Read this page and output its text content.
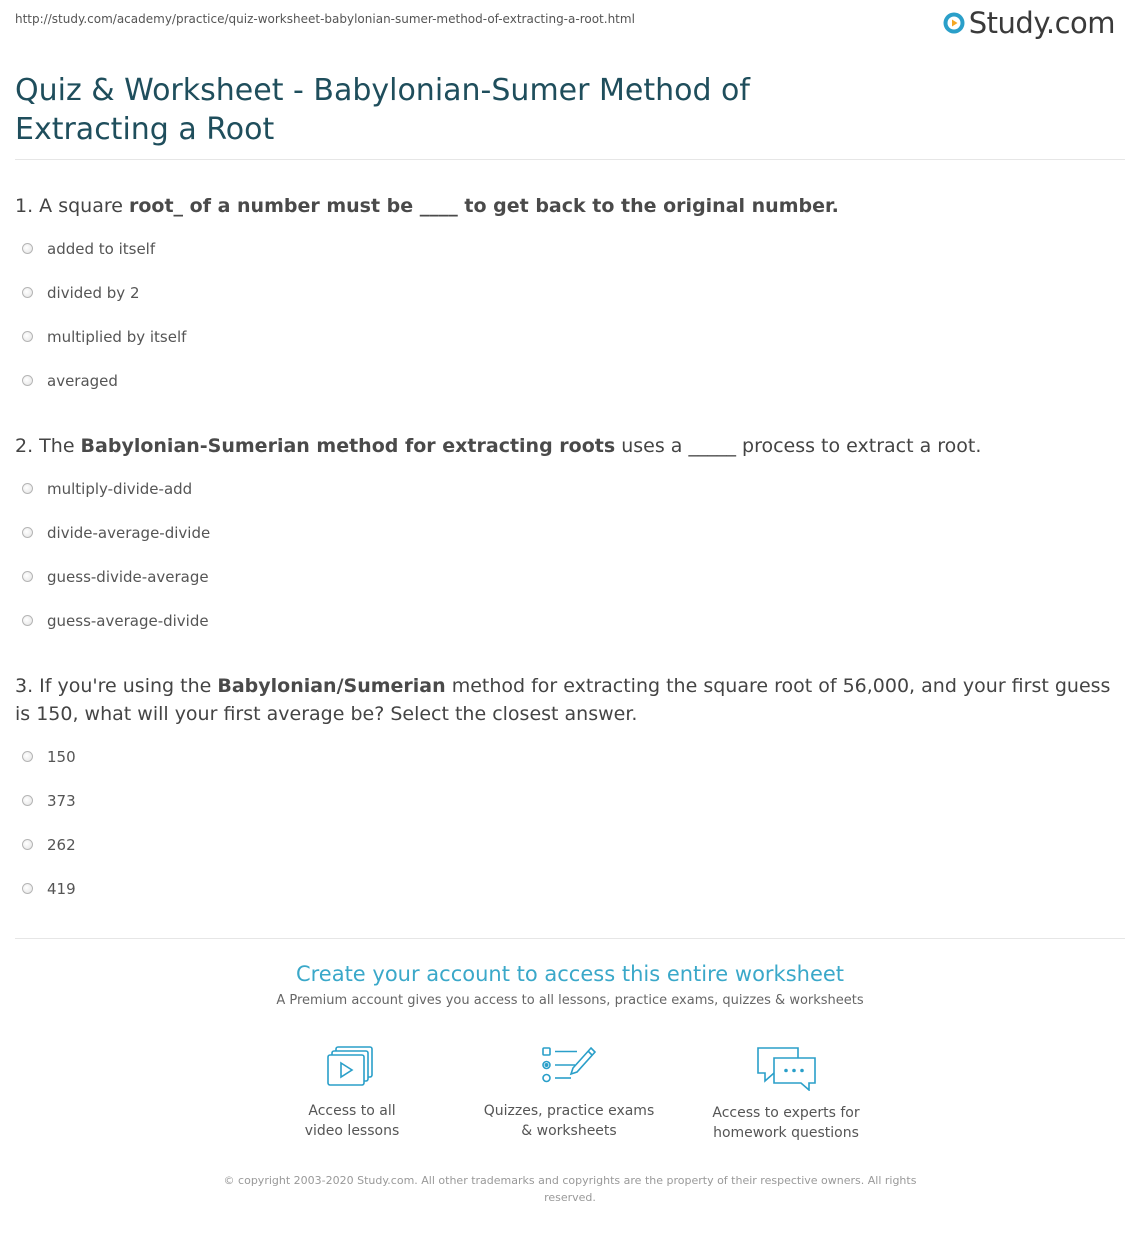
http://study.com/academy/practice/quiz-worksheet-babylonian-sumer-method-of-extracting-a-root.html	Study.com
Quiz & Worksheet - Babylonian-Sumer Method of Extracting a Root
1. A square root_ of a number must be ____ to get back to the original number.
added to itself
divided by 2
multiplied by itself
averaged
2. The Babylonian-Sumerian method for extracting roots uses a _____ process to extract a root.
multiply-divide-add
divide-average-divide
guess-divide-average
guess-average-divide
3. If you're using the Babylonian/Sumerian method for extracting the square root of 56,000, and your first guess is 150, what will your first average be? Select the closest answer.
150
373
262
419
Create your account to access this entire worksheet
A Premium account gives you access to all lessons, practice exams, quizzes & worksheets
Access to all
video lessons
Quizzes, practice exams
& worksheets
Access to experts for
homework questions
© copyright 2003-2020 Study.com. All other trademarks and copyrights are the property of their respective owners. All rights
reserved.
